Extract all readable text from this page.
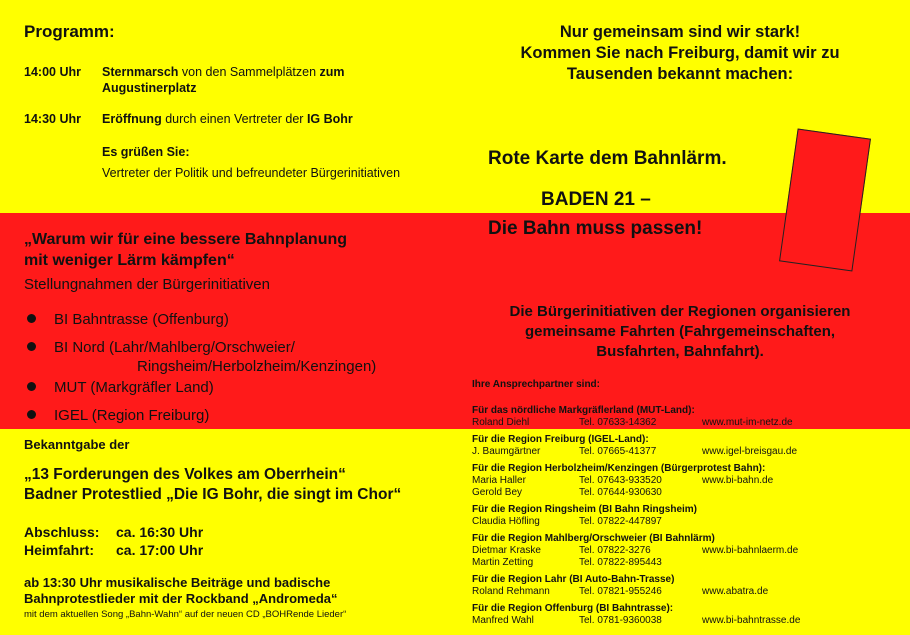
Programm:
14:00 Uhr Sternmarsch von den Sammelplätzen zum
Augustinerplatz
14:30 Uhr Eröffnung durch einen Vertreter der IG Bohr
Es grüßen Sie:
Vertreter der Politik und befreundeter Bürgerinitiativen
„Warum wir für eine bessere Bahnplanung
mit weniger Lärm kämpfen“
Stellungnahmen der Bürgerinitiativen
BI Bahntrasse (Offenburg)
BI Nord (Lahr/Mahlberg/Orschweier/
Ringsheim/Herbolzheim/Kenzingen)
MUT (Markgräfler Land)
IGEL (Region Freiburg)
Bekanntgabe der
„13 Forderungen des Volkes am Oberrhein“
Badner Protestlied „Die IG Bohr, die singt im Chor“
Abschluss: ca. 16:30 Uhr
Heimfahrt: ca. 17:00 Uhr
ab 13:30 Uhr musikalische Beiträge und badische
Bahnprotestlieder mit der Rockband „Andromeda“
mit dem aktuellen Song „Bahn-Wahn“ auf der neuen CD „BOHRende Lieder“
Nur gemeinsam sind wir stark!
Kommen Sie nach Freiburg, damit wir zu
Tausenden bekannt machen:
Rote Karte dem Bahnlärm.
BADEN 21 –
Die Bahn muss passen!
Die Bürgerinitiativen der Regionen organisieren
gemeinsame Fahrten (Fahrgemeinschaften,
Busfahrten, Bahnfahrt).
Ihre Ansprechpartner sind:
Für das nördliche Markgräflerland (MUT-Land):
Roland Diehl	Tel. 07633-14362	www.mut-im-netz.de
Für die Region Freiburg (IGEL-Land):
J. Baumgärtner	Tel. 07665-41377	www.igel-breisgau.de
Für die Region Herbolzheim/Kenzingen (Bürgerprotest Bahn):
Maria Haller	Tel. 07643-933520	www.bi-bahn.de
Gerold Bey	Tel. 07644-930630
Für die Region Ringsheim (BI Bahn Ringsheim)
Claudia Höfling	Tel. 07822-447897
Für die Region Mahlberg/Orschweier (BI Bahnlärm)
Dietmar Kraske	Tel. 07822-3276	www.bi-bahnlaerm.de
Martin Zetting	Tel. 07822-895443
Für die Region Lahr (BI Auto-Bahn-Trasse)
Roland Rehmann	Tel. 07821-955246	www.abatra.de
Für die Region Offenburg (BI Bahntrasse):
Manfred Wahl	Tel. 0781-9360038	www.bi-bahntrasse.de
